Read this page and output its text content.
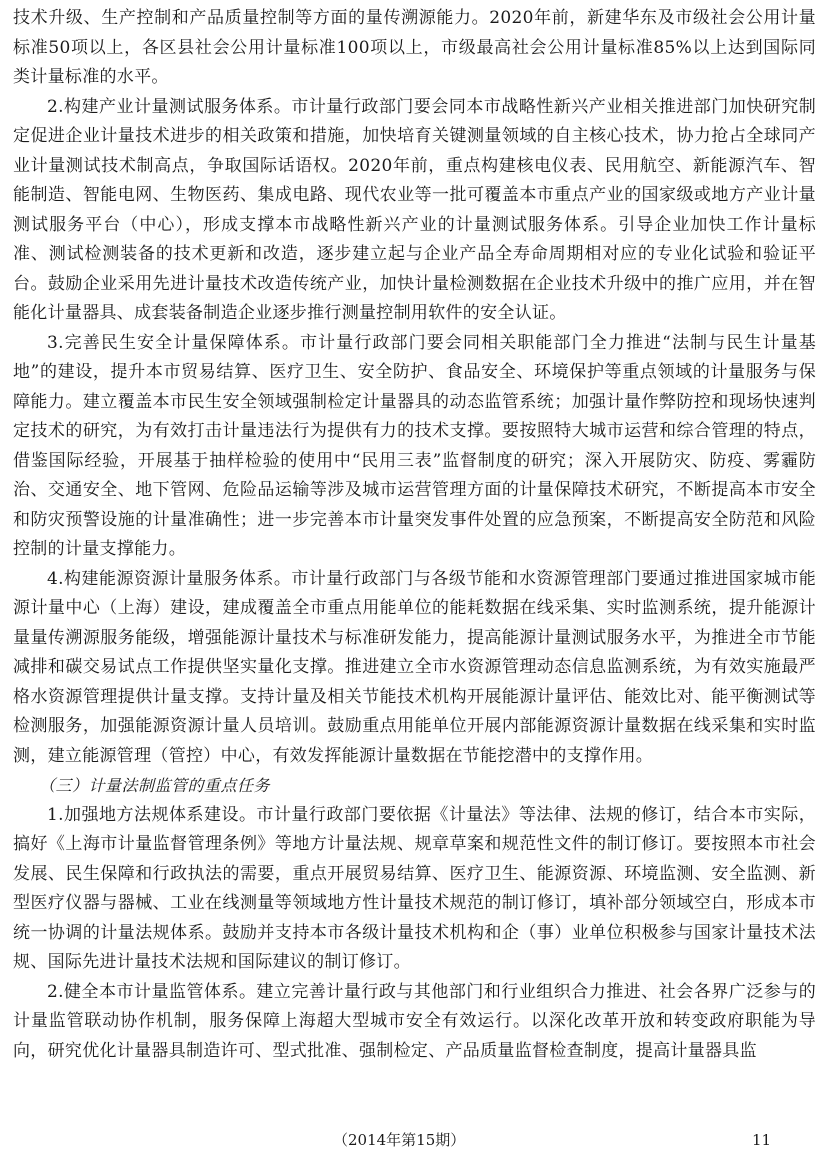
技术升级、生产控制和产品质量控制等方面的量传溯源能力。2020年前，新建华东及市级社会公用计量标准50项以上，各区县社会公用计量标准100项以上，市级最高社会公用计量标准85%以上达到国际同类计量标准的水平。

2.构建产业计量测试服务体系。市计量行政部门要会同本市战略性新兴产业相关推进部门加快研究制定促进企业计量技术进步的相关政策和措施，加快培育关键测量领域的自主核心技术，协力抢占全球同产业计量测试技术制高点，争取国际话语权。2020年前，重点构建核电仪表、民用航空、新能源汽车、智能制造、智能电网、生物医药、集成电路、现代农业等一批可覆盖本市重点产业的国家级或地方产业计量测试服务平台（中心），形成支撑本市战略性新兴产业的计量测试服务体系。引导企业加快工作计量标准、测试检测装备的技术更新和改造，逐步建立起与企业产品全寿命周期相对应的专业化试验和验证平台。鼓励企业采用先进计量技术改造传统产业，加快计量检测数据在企业技术升级中的推广应用，并在智能化计量器具、成套装备制造企业逐步推行测量控制用软件的安全认证。

3.完善民生安全计量保障体系。市计量行政部门要会同相关职能部门全力推进“法制与民生计量基地”的建设，提升本市贸易结算、医疗卫生、安全防护、食品安全、环境保护等重点领域的计量服务与保障能力。建立覆盖本市民生安全领域强制检定计量器具的动态监管系统；加强计量作弊防控和现场快速判定技术的研究，为有效打击计量违法行为提供有力的技术支撑。要按照特大城市运营和综合管理的特点，借鉴国际经验，开展基于抽样检验的使用中“民用三表”监督制度的研究；深入开展防灾、防疫、雾霾防治、交通安全、地下管网、危险品运输等涉及城市运营管理方面的计量保障技术研究，不断提高本市安全和防灾预警设施的计量准确性；进一步完善本市计量突发事件处置的应急预案，不断提高安全防范和风险控制的计量支撑能力。

4.构建能源资源计量服务体系。市计量行政部门与各级节能和水资源管理部门要通过推进国家城市能源计量中心（上海）建设，建成覆盖全市重点用能单位的能耗数据在线采集、实时监测系统，提升能源计量量传溯源服务能级，增强能源计量技术与标准研发能力，提高能源计量测试服务水平，为推进全市节能减排和碳交易试点工作提供坚实量化支撑。推进建立全市水资源管理动态信息监测系统，为有效实施最严格水资源管理提供计量支撑。支持计量及相关节能技术机构开展能源计量评估、能效比对、能平衡测试等检测服务，加强能源资源计量人员培训。鼓励重点用能单位开展内部能源资源计量数据在线采集和实时监测，建立能源管理（管控）中心，有效发挥能源计量数据在节能挖潜中的支撑作用。

（三）计量法制监管的重点任务

1.加强地方法规体系建设。市计量行政部门要依据《计量法》等法律、法规的修订，结合本市实际，搞好《上海市计量监督管理条例》等地方计量法规、规章草案和规范性文件的制订修订。要按照本市社会发展、民生保障和行政执法的需要，重点开展贸易结算、医疗卫生、能源资源、环境监测、安全监测、新型医疗仪器与器械、工业在线测量等领域地方性计量技术规范的制订修订，填补部分领域空白，形成本市统一协调的计量法规体系。鼓励并支持本市各级计量技术机构和企（事）业单位积极参与国家计量技术法规、国际先进计量技术法规和国际建议的制订修订。

2.健全本市计量监管体系。建立完善计量行政与其他部门和行业组织合力推进、社会各界广泛参与的计量监管联动协作机制，服务保障上海超大型城市安全有效运行。以深化改革开放和转变政府职能为导向，研究优化计量器具制造许可、型式批准、强制检定、产品质量监督检查制度，提高计量器具监

（2014年第15期）	11
